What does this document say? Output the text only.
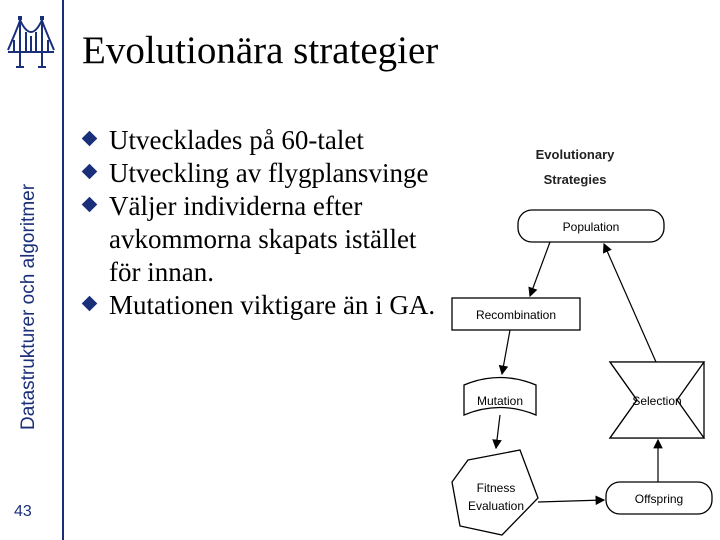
Datastrukturer och algoritmer
43
Evolutionära strategier
Utvecklades på 60-talet
Utveckling av flygplansvinge
Väljer individerna efter avkommorna skapats istället för innan.
Mutationen viktigare än i GA.
Evolutionary
Strategies
Population
Recombination
Mutation	Selection
Fitness
Evaluation	Offspring
